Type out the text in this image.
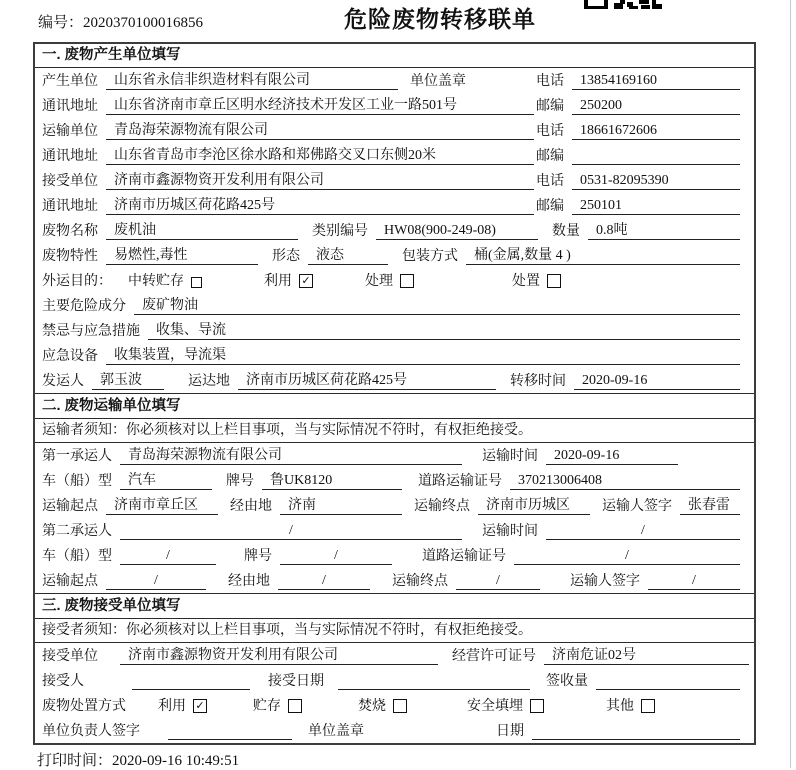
编号：2020370100016856	危险废物转移联单
一. 废物产生单位填写
产生单位	山东省永信非织造材料有限公司	单位盖章	电话	13854169160
通讯地址	山东省济南市章丘区明水经济技术开发区工业一路501号	邮编	250200
运输单位	青岛海荣源物流有限公司	电话	18661672606
通讯地址	山东省青岛市李沧区徐水路和郑佛路交叉口东侧20米	邮编
接受单位	济南市鑫源物资开发利用有限公司	电话	0531-82095390
通讯地址	济南市历城区荷花路425号	邮编	250101
废物名称	废机油	类别编号	HW08(900-249-08)	数量	0.8吨
废物特性	易燃性,毒性	形态	液态	包装方式	桶(金属,数量 4 )
外运目的： 中转贮存	利用 ✓	处理	处置
主要危险成分	废矿物油
禁忌与应急措施	收集、导流
应急设备	收集装置，导流渠
发运人	郭玉波	运达地	济南市历城区荷花路425号	转移时间	2020-09-16
二. 废物运输单位填写
运输者须知： 你必须核对以上栏目事项，当与实际情况不符时，有权拒绝接受。
第一承运人	青岛海荣源物流有限公司	运输时间	2020-09-16
车（船）型	汽车	牌号	鲁UK8120	道路运输证号	370213006408
运输起点	济南市章丘区	经由地	济南	运输终点	济南市历城区	运输人签字	张春雷
第二承运人	/	运输时间	/
车（船）型	/	牌号	/	道路运输证号	/
运输起点	/	经由地	/	运输终点	/	运输人签字	/
三. 废物接受单位填写
接受者须知： 你必须核对以上栏目事项，当与实际情况不符时，有权拒绝接受。
接受单位	济南市鑫源物资开发利用有限公司	经营许可证号	济南危证02号
接受人	接受日期	签收量
废物处置方式 利用 ✓	贮存	焚烧	安全填埋	其他
单位负责人签字	单位盖章	日期
打印时间：2020-09-16 10:49:51
